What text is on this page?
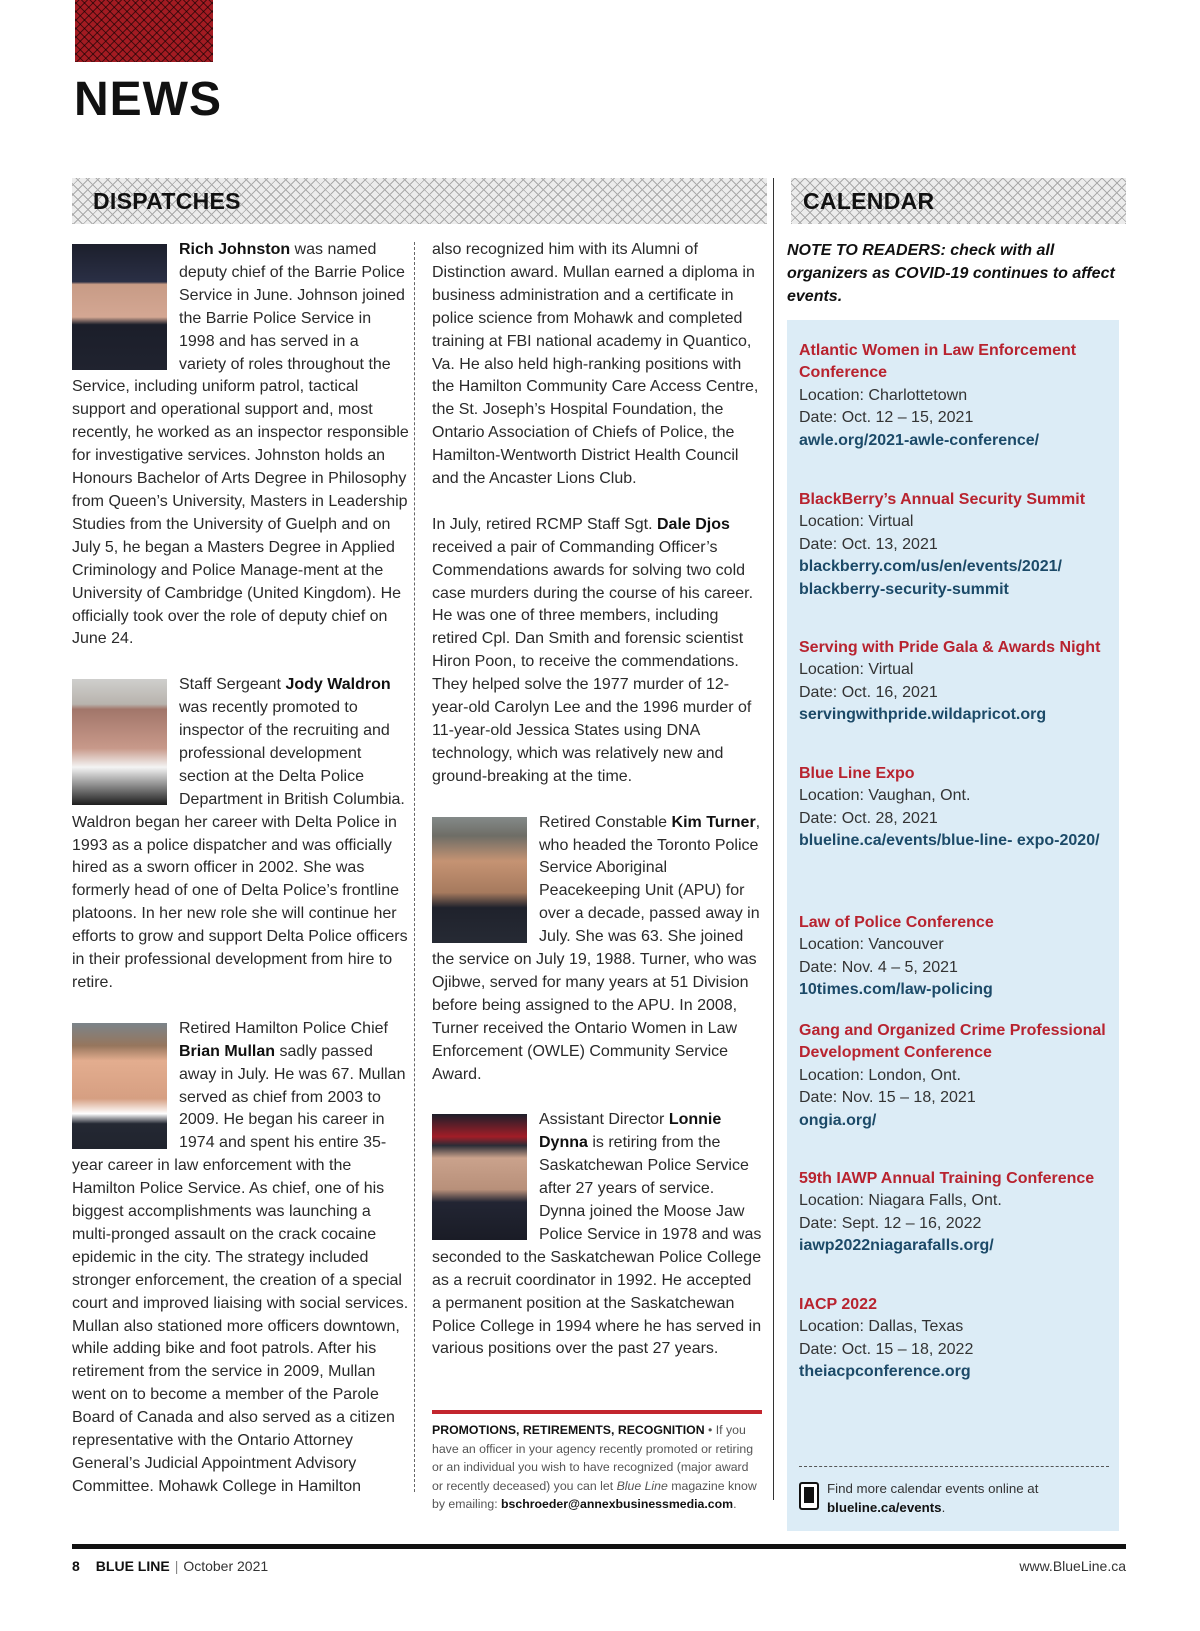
NEWS
DISPATCHES	CALENDAR

Rich Johnston was named deputy chief of the Barrie Police Service in June. Johnson joined the Barrie Police Service in 1998 and has served in a variety of roles throughout the Service, including uniform patrol, tactical support and operational support and, most recently, he worked as an inspector responsible for investigative services. Johnston holds an Honours Bachelor of Arts Degree in Philosophy from Queen’s University, Masters in Leadership Studies from the University of Guelph and on July 5, he began a Masters Degree in Applied Criminology and Police Manage-ment at the University of Cambridge (United Kingdom). He officially took over the role of deputy chief on June 24.

Staff Sergeant Jody Waldron was recently promoted to inspector of the recruiting and professional development section at the Delta Police Department in British Columbia. Waldron began her career with Delta Police in 1993 as a police dispatcher and was officially hired as a sworn officer in 2002. She was formerly head of one of Delta Police’s frontline platoons. In her new role she will continue her efforts to grow and support Delta Police officers in their professional development from hire to retire.

Retired Hamilton Police Chief Brian Mullan sadly passed away in July. He was 67. Mullan served as chief from 2003 to 2009. He began his career in 1974 and spent his entire 35-year career in law enforcement with the Hamilton Police Service. As chief, one of his biggest accomplishments was launching a multi-pronged assault on the crack cocaine epidemic in the city. The strategy included stronger enforcement, the creation of a special court and improved liaising with social services. Mullan also stationed more officers downtown, while adding bike and foot patrols. After his retirement from the service in 2009, Mullan went on to become a member of the Parole Board of Canada and also served as a citizen representative with the Ontario Attorney General’s Judicial Appointment Advisory Committee. Mohawk College in Hamilton

also recognized him with its Alumni of Distinction award. Mullan earned a diploma in business administration and a certificate in police science from Mohawk and completed training at FBI national academy in Quantico, Va. He also held high-ranking positions with the Hamilton Community Care Access Centre, the St. Joseph’s Hospital Foundation, the Ontario Association of Chiefs of Police, the Hamilton-Wentworth District Health Council and the Ancaster Lions Club.

In July, retired RCMP Staff Sgt. Dale Djos received a pair of Commanding Officer’s Commendations awards for solving two cold case murders during the course of his career. He was one of three members, including retired Cpl. Dan Smith and forensic scientist Hiron Poon, to receive the commendations. They helped solve the 1977 murder of 12-year-old Carolyn Lee and the 1996 murder of 11-year-old Jessica States using DNA technology, which was relatively new and ground-breaking at the time.

Retired Constable Kim Turner, who headed the Toronto Police Service Aboriginal Peacekeeping Unit (APU) for over a decade, passed away in July. She was 63. She joined the service on July 19, 1988. Turner, who was Ojibwe, served for many years at 51 Division before being assigned to the APU. In 2008, Turner received the Ontario Women in Law Enforcement (OWLE) Community Service Award.

Assistant Director Lonnie Dynna is retiring from the Saskatchewan Police Service after 27 years of service. Dynna joined the Moose Jaw Police Service in 1978 and was seconded to the Saskatchewan Police College as a recruit coordinator in 1992. He accepted a permanent position at the Saskatchewan Police College in 1994 where he has served in various positions over the past 27 years.

PROMOTIONS, RETIREMENTS, RECOGNITION • If you have an officer in your agency recently promoted or retiring or an individual you wish to have recognized (major award or recently deceased) you can let Blue Line magazine know by emailing: bschroeder@annexbusinessmedia.com.
NOTE TO READERS: check with all organizers as COVID-19 continues to affect events.
Atlantic Women in Law Enforcement Conference
Location: Charlottetown
Date: Oct. 12 – 15, 2021
awle.org/2021-awle-conference/
BlackBerry’s Annual Security Summit
Location: Virtual
Date: Oct. 13, 2021
blackberry.com/us/en/events/2021/ blackberry-security-summit
Serving with Pride Gala & Awards Night
Location: Virtual
Date: Oct. 16, 2021
servingwithpride.wildapricot.org
Blue Line Expo
Location: Vaughan, Ont.
Date: Oct. 28, 2021
blueline.ca/events/blue-line- expo-2020/
Law of Police Conference
Location: Vancouver
Date: Nov. 4 – 5, 2021
10times.com/law-policing
Gang and Organized Crime Professional Development Conference
Location: London, Ont.
Date: Nov. 15 – 18, 2021
ongia.org/
59th IAWP Annual Training Conference
Location: Niagara Falls, Ont.
Date: Sept. 12 – 16, 2022
iawp2022niagarafalls.org/
IACP 2022
Location: Dallas, Texas
Date: Oct. 15 – 18, 2022
theiacpconference.org
Find more calendar events online at blueline.ca/events.
8 BLUE LINE | October 2021	www.BlueLine.ca
